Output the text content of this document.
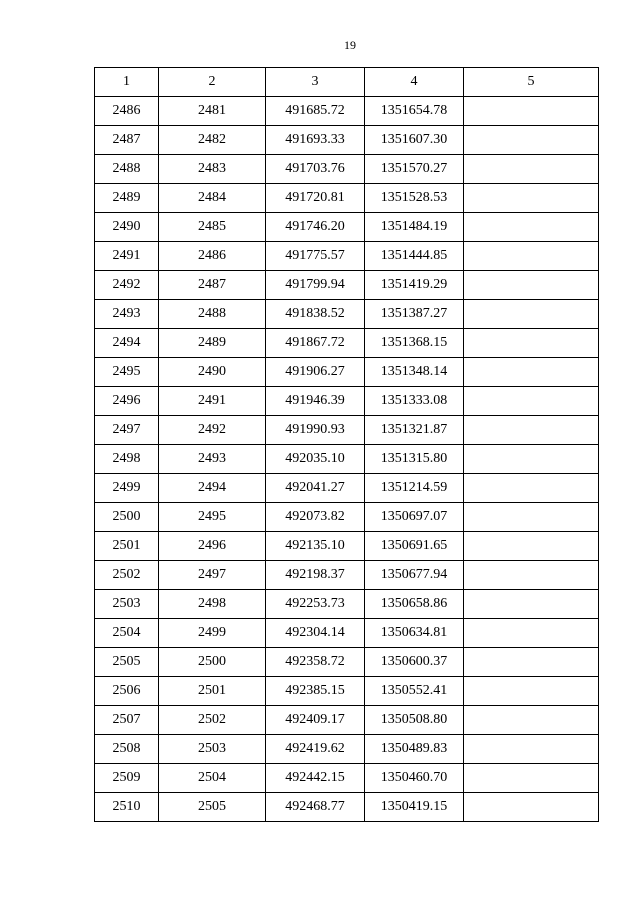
19
1	2	3	4	5
2486	2481	491685.72	1351654.78	
2487	2482	491693.33	1351607.30	
2488	2483	491703.76	1351570.27	
2489	2484	491720.81	1351528.53	
2490	2485	491746.20	1351484.19	
2491	2486	491775.57	1351444.85	
2492	2487	491799.94	1351419.29	
2493	2488	491838.52	1351387.27	
2494	2489	491867.72	1351368.15	
2495	2490	491906.27	1351348.14	
2496	2491	491946.39	1351333.08	
2497	2492	491990.93	1351321.87	
2498	2493	492035.10	1351315.80	
2499	2494	492041.27	1351214.59	
2500	2495	492073.82	1350697.07	
2501	2496	492135.10	1350691.65	
2502	2497	492198.37	1350677.94	
2503	2498	492253.73	1350658.86	
2504	2499	492304.14	1350634.81	
2505	2500	492358.72	1350600.37	
2506	2501	492385.15	1350552.41	
2507	2502	492409.17	1350508.80	
2508	2503	492419.62	1350489.83	
2509	2504	492442.15	1350460.70	
2510	2505	492468.77	1350419.15	
